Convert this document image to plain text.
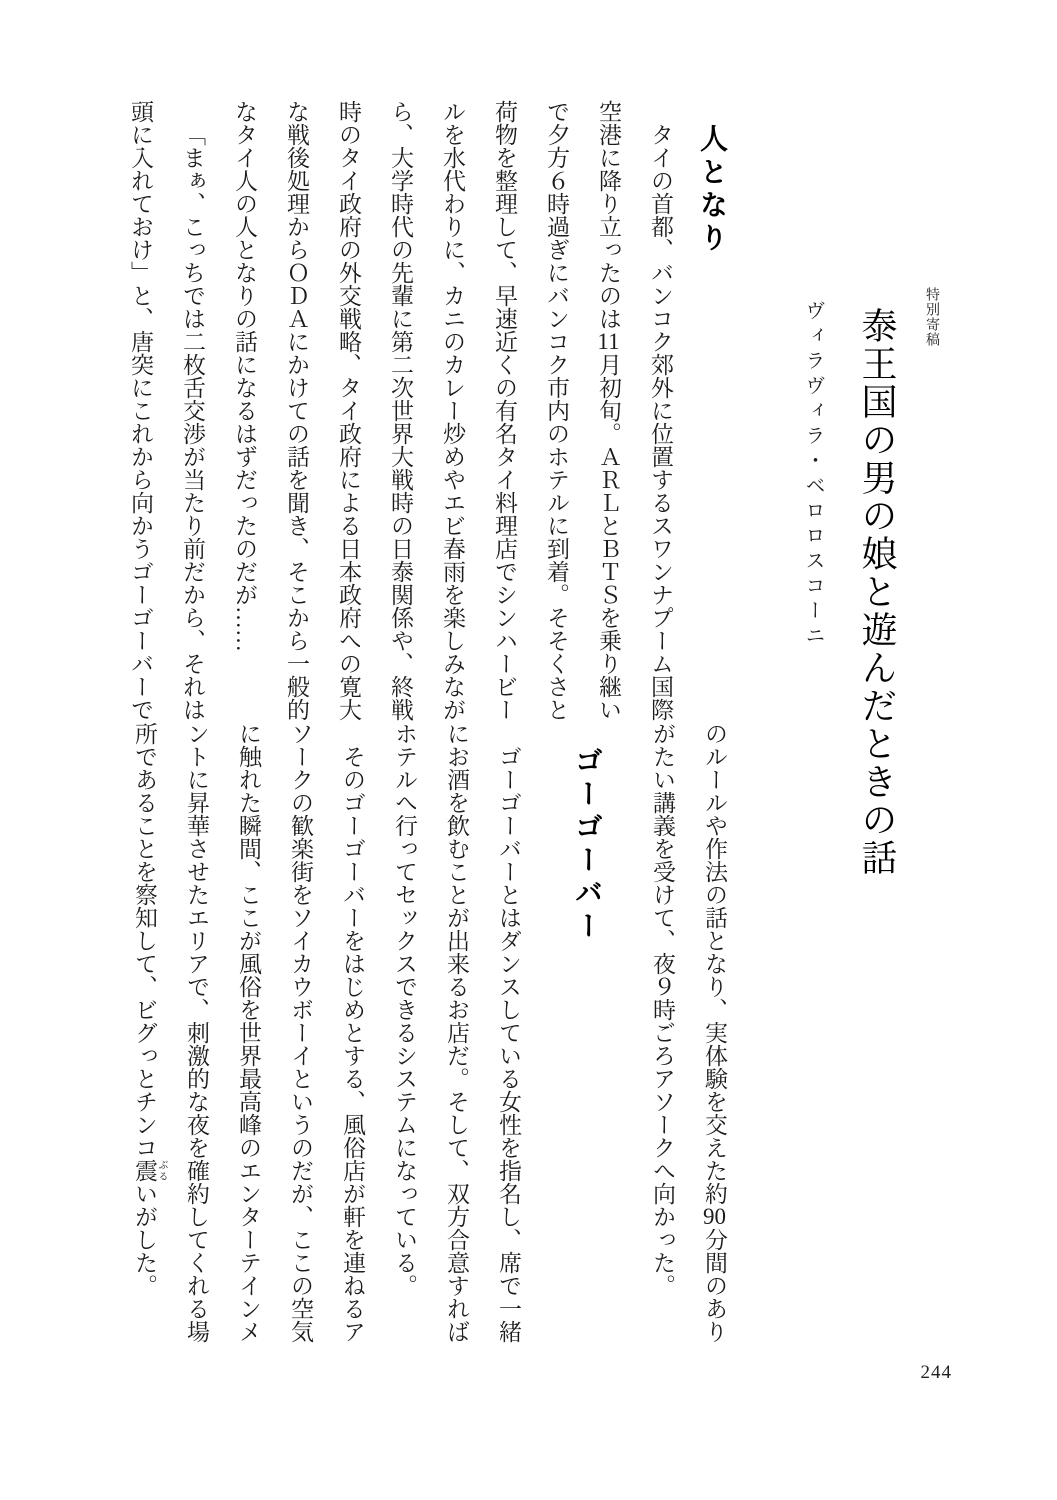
特別寄稿
泰王国の男の娘と遊んだときの話
ヴィラヴィラ・ベロロスコーニ
人となり

タイの首都、バンコク郊外に位置するスワンナプーム国際空港に降り立ったのは11月初旬。ＡＲＬとＢＴＳを乗り継いで夕方６時過ぎにバンコク市内のホテルに到着。そそくさと荷物を整理して、早速近くの有名タイ料理店でシンハービールを水代わりに、カニのカレー炒めやエビ春雨を楽しみながら、大学時代の先輩に第二次世界大戦時の日泰関係や、終戦時のタイ政府の外交戦略、タイ政府による日本政府への寛大な戦後処理からＯＤＡにかけての話を聞き、そこから一般的なタイ人の人となりの話になるはずだったのだが……

「まぁ、こっちでは二枚舌交渉が当たり前だから、それは頭に入れておけ」と、唐突にこれから向かうゴーゴーバーで

のルールや作法の話となり、実体験を交えた約90分間のありがたい講義を受けて、夜９時ごろアソークへ向かった。

ゴーゴーバー

ゴーゴーバーとはダンスしている女性を指名し、席で一緒にお酒を飲むことが出来るお店だ。そして、双方合意すればホテルへ行ってセックスできるシステムになっている。

そのゴーゴーバーをはじめとする、風俗店が軒を連ねるアソークの歓楽街をソイカウボーイというのだが、ここの空気に触れた瞬間、ここが風俗を世界最高峰のエンターテインメントに昇華させたエリアで、刺激的な夜を確約してくれる場所であることを察知して、ビグっとチンコ震 ぶるいがした。

244
